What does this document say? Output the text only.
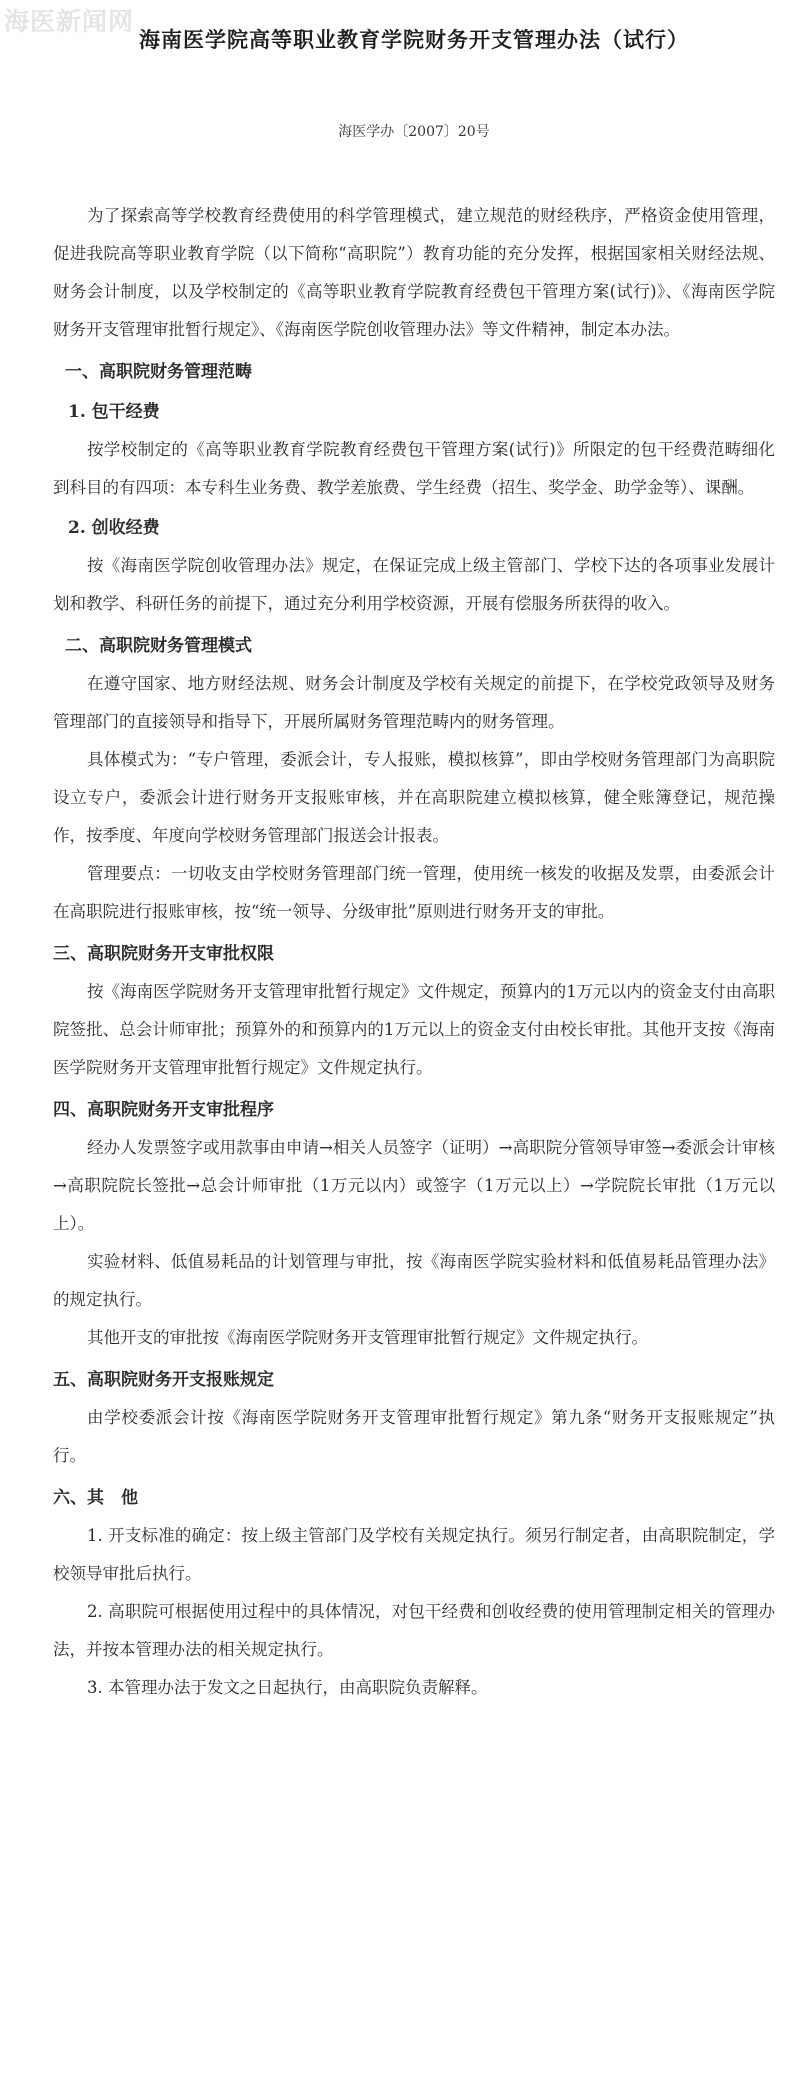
海医新闻网
海南医学院高等职业教育学院财务开支管理办法（试行）
海医学办〔2007〕20号

为了探索高等学校教育经费使用的科学管理模式，建立规范的财经秩序，严格资金使用管理，促进我院高等职业教育学院（以下简称“高职院”）教育功能的充分发挥，根据国家相关财经法规、财务会计制度，以及学校制定的《高等职业教育学院教育经费包干管理方案(试行)》、《海南医学院财务开支管理审批暂行规定》、《海南医学院创收管理办法》等文件精神，制定本办法。

一、高职院财务管理范畴
1. 包干经费

按学校制定的《高等职业教育学院教育经费包干管理方案(试行)》所限定的包干经费范畴细化到科目的有四项：本专科生业务费、教学差旅费、学生经费（招生、奖学金、助学金等）、课酬。

2. 创收经费

按《海南医学院创收管理办法》规定，在保证完成上级主管部门、学校下达的各项事业发展计划和教学、科研任务的前提下，通过充分利用学校资源，开展有偿服务所获得的收入。

二、高职院财务管理模式

在遵守国家、地方财经法规、财务会计制度及学校有关规定的前提下，在学校党政领导及财务管理部门的直接领导和指导下，开展所属财务管理范畴内的财务管理。

具体模式为：“专户管理，委派会计，专人报账，模拟核算”，即由学校财务管理部门为高职院设立专户，委派会计进行财务开支报账审核，并在高职院建立模拟核算，健全账簿登记，规范操作，按季度、年度向学校财务管理部门报送会计报表。

管理要点：一切收支由学校财务管理部门统一管理，使用统一核发的收据及发票，由委派会计在高职院进行报账审核，按“统一领导、分级审批”原则进行财务开支的审批。

三、高职院财务开支审批权限

按《海南医学院财务开支管理审批暂行规定》文件规定，预算内的1万元以内的资金支付由高职院签批、总会计师审批；预算外的和预算内的1万元以上的资金支付由校长审批。其他开支按《海南医学院财务开支管理审批暂行规定》文件规定执行。

四、高职院财务开支审批程序

经办人发票签字或用款事由申请→相关人员签字（证明）→高职院分管领导审签→委派会计审核→高职院院长签批→总会计师审批（1万元以内）或签字（1万元以上）→学院院长审批（1万元以上）。

实验材料、低值易耗品的计划管理与审批，按《海南医学院实验材料和低值易耗品管理办法》的规定执行。

其他开支的审批按《海南医学院财务开支管理审批暂行规定》文件规定执行。

五、高职院财务开支报账规定

由学校委派会计按《海南医学院财务开支管理审批暂行规定》第九条“财务开支报账规定”执行。

六、其　他

1. 开支标准的确定：按上级主管部门及学校有关规定执行。须另行制定者，由高职院制定，学校领导审批后执行。

2. 高职院可根据使用过程中的具体情况，对包干经费和创收经费的使用管理制定相关的管理办法，并按本管理办法的相关规定执行。

3. 本管理办法于发文之日起执行，由高职院负责解释。
